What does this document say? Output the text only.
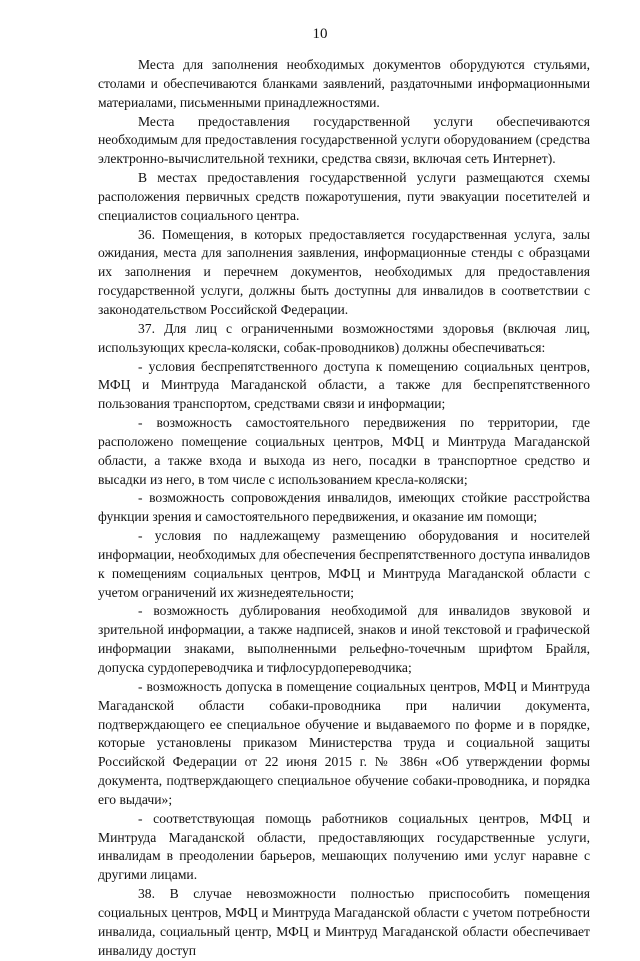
10

Места для заполнения необходимых документов оборудуются стульями, столами и обеспечиваются бланками заявлений, раздаточными информационными материалами, письменными принадлежностями.

Места предоставления государственной услуги обеспечиваются необходимым для предоставления государственной услуги оборудованием (средства электронно-вычислительной техники, средства связи, включая сеть Интернет).

В местах предоставления государственной услуги размещаются схемы расположения первичных средств пожаротушения, пути эвакуации посетителей и специалистов социального центра.

36. Помещения, в которых предоставляется государственная услуга, залы ожидания, места для заполнения заявления, информационные стенды с образцами их заполнения и перечнем документов, необходимых для предоставления государственной услуги, должны быть доступны для инвалидов в соответствии с законодательством Российской Федерации.

37. Для лиц с ограниченными возможностями здоровья (включая лиц, использующих кресла-коляски, собак-проводников) должны обеспечиваться:

- условия беспрепятственного доступа к помещению социальных центров, МФЦ и Минтруда Магаданской области, а также для беспрепятственного пользования транспортом, средствами связи и информации;

- возможность самостоятельного передвижения по территории, где расположено помещение социальных центров, МФЦ и Минтруда Магаданской области, а также входа и выхода из него, посадки в транспортное средство и высадки из него, в том числе с использованием кресла-коляски;

- возможность сопровождения инвалидов, имеющих стойкие расстройства функции зрения и самостоятельного передвижения, и оказание им помощи;

- условия по надлежащему размещению оборудования и носителей информации, необходимых для обеспечения беспрепятственного доступа инвалидов к помещениям социальных центров, МФЦ и Минтруда Магаданской области с учетом ограничений их жизнедеятельности;

- возможность дублирования необходимой для инвалидов звуковой и зрительной информации, а также надписей, знаков и иной текстовой и графической информации знаками, выполненными рельефно-точечным шрифтом Брайля, допуска сурдопереводчика и тифлосурдопереводчика;

- возможность допуска в помещение социальных центров, МФЦ и Минтруда Магаданской области собаки-проводника при наличии документа, подтверждающего ее специальное обучение и выдаваемого по форме и в порядке, которые установлены приказом Министерства труда и социальной защиты Российской Федерации от 22 июня 2015 г. № 386н «Об утверждении формы документа, подтверждающего специальное обучение собаки-проводника, и порядка его выдачи»;

- соответствующая помощь работников социальных центров, МФЦ и Минтруда Магаданской области, предоставляющих государственные услуги, инвалидам в преодолении барьеров, мешающих получению ими услуг наравне с другими лицами.

38. В случае невозможности полностью приспособить помещения социальных центров, МФЦ и Минтруда Магаданской области с учетом потребности инвалида, социальный центр, МФЦ и Минтруд Магаданской области обеспечивает инвалиду доступ
